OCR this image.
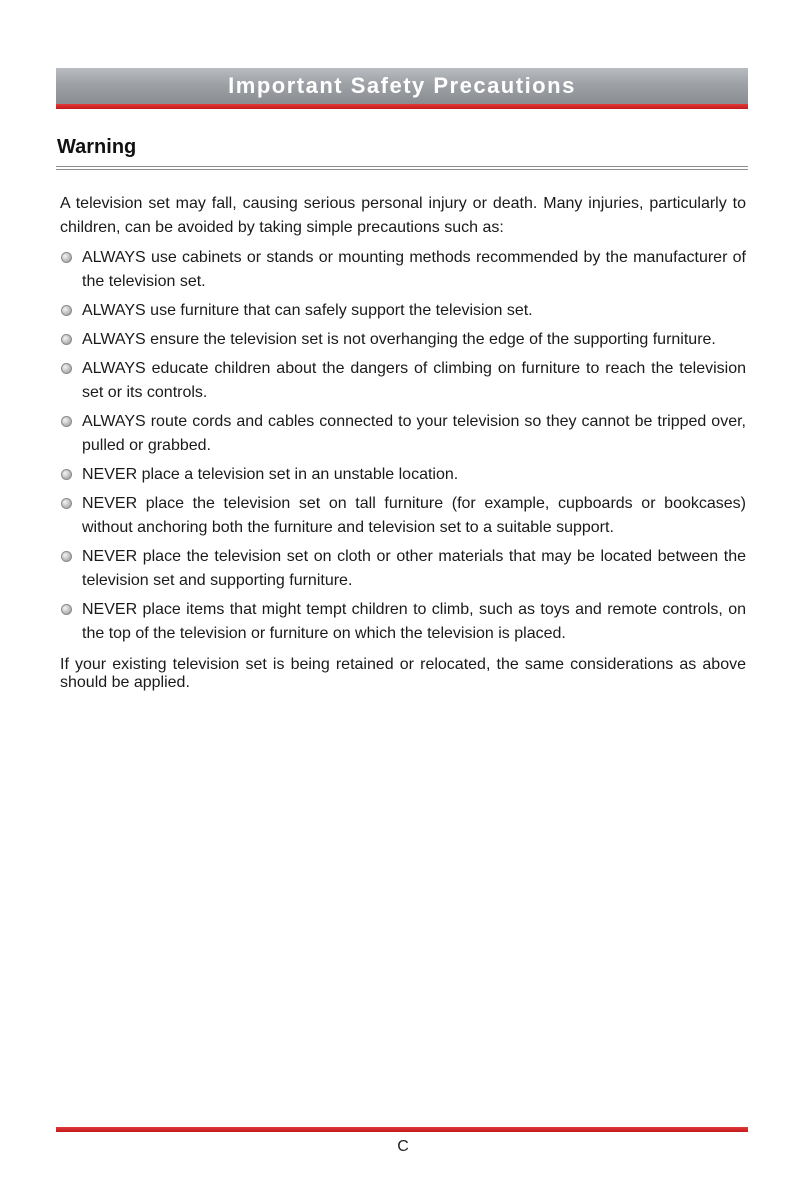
Important Safety Precautions
Warning

A television set may fall, causing serious personal injury or death. Many injuries, particularly to children, can be avoided by taking simple precautions such as:

ALWAYS use cabinets or stands or mounting methods recommended by the manufacturer of the television set.
ALWAYS use furniture that can safely support the television set.
ALWAYS ensure the television set is not overhanging the edge of the supporting furniture.
ALWAYS educate children about the dangers of climbing on furniture to reach the television set or its controls.
ALWAYS route cords and cables connected to your television so they cannot be tripped over, pulled or grabbed.
NEVER place a television set in an unstable location.
NEVER place the television set on tall furniture (for example, cupboards or bookcases) without anchoring both the furniture and television set to a suitable support.
NEVER place the television set on cloth or other materials that may be located between the television set and supporting furniture.
NEVER place items that might tempt children to climb, such as toys and remote controls, on the top of the television or furniture on which the television is placed.

If your existing television set is being retained or relocated, the same considerations as above should be applied.

C
